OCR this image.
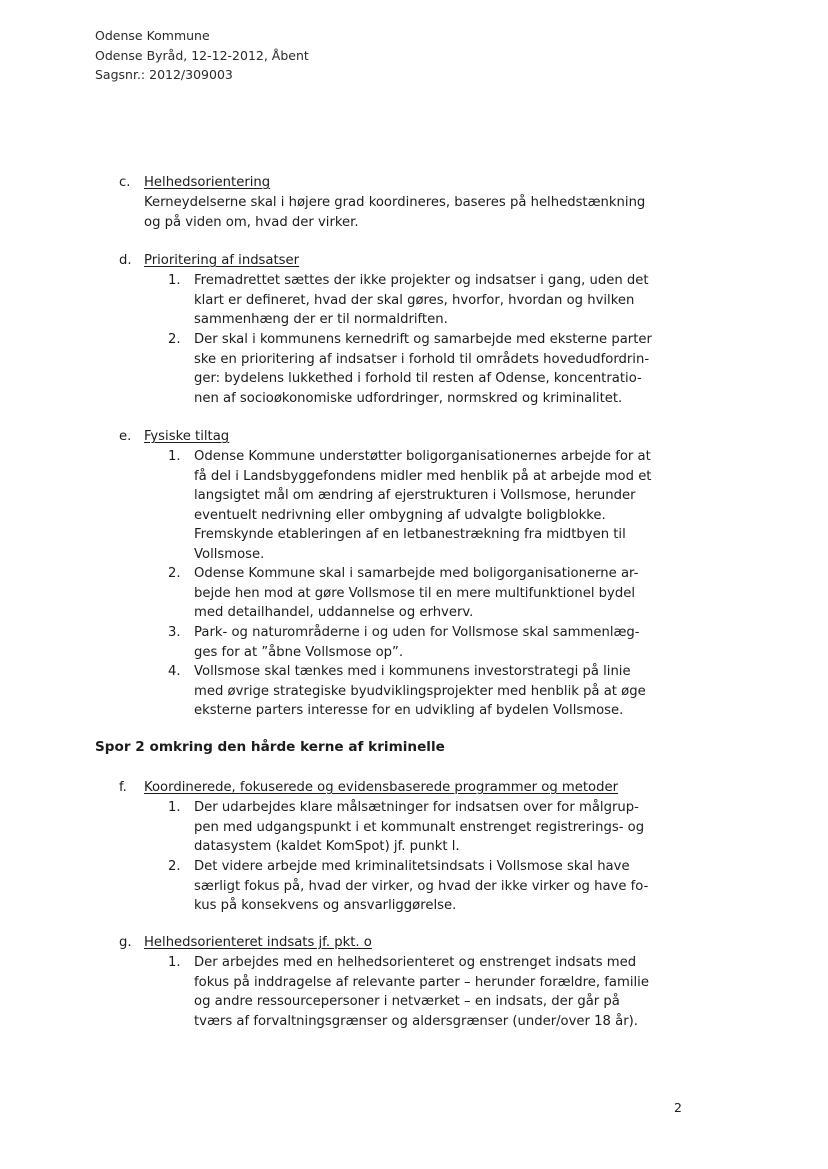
Odense Kommune
Odense Byråd, 12-12-2012, Åbent
Sagsnr.: 2012/309003
c.	Helhedsorientering
Kerneydelserne skal i højere grad koordineres, baseres på helhedstænkning
og på viden om, hvad der virker.
d. Prioritering af indsatser
1.	Fremadrettet sættes der ikke projekter og indsatser i gang, uden det
klart er defineret, hvad der skal gøres, hvorfor, hvordan og hvilken
sammenhæng der er til normaldriften.
2.	Der skal i kommunens kernedrift og samarbejde med eksterne parter
ske en prioritering af indsatser i forhold til områdets hovedudfordrin-
ger: bydelens lukkethed i forhold til resten af Odense, koncentratio-
nen af socioøkonomiske udfordringer, normskred og kriminalitet.
e. Fysiske tiltag
1.	Odense Kommune understøtter boligorganisationernes arbejde for at
få del i Landsbyggefondens midler med henblik på at arbejde mod et
langsigtet mål om ændring af ejerstrukturen i Vollsmose, herunder
eventuelt nedrivning eller ombygning af udvalgte boligblokke.
Fremskynde etableringen af en letbanestrækning fra midtbyen til
Vollsmose.
2.	Odense Kommune skal i samarbejde med boligorganisationerne ar-
bejde hen mod at gøre Vollsmose til en mere multifunktionel bydel
med detailhandel, uddannelse og erhverv.
3.	Park- og naturområderne i og uden for Vollsmose skal sammenlæg-
ges for at ”åbne Vollsmose op”.
4.	Vollsmose skal tænkes med i kommunens investorstrategi på linie
med øvrige strategiske byudviklingsprojekter med henblik på at øge
eksterne parters interesse for en udvikling af bydelen Vollsmose.
Spor 2 omkring den hårde kerne af kriminelle
f.	Koordinerede, fokuserede og evidensbaserede programmer og metoder
1.	Der udarbejdes klare målsætninger for indsatsen over for målgrup-
pen med udgangspunkt i et kommunalt enstrenget registrerings- og
datasystem (kaldet KomSpot) jf. punkt l.
2.	Det videre arbejde med kriminalitetsindsats i Vollsmose skal have
særligt fokus på, hvad der virker, og hvad der ikke virker og have fo-
kus på konsekvens og ansvarliggørelse.
g. Helhedsorienteret indsats jf. pkt. o
1.	Der arbejdes med en helhedsorienteret og enstrenget indsats med
fokus på inddragelse af relevante parter – herunder forældre, familie
og andre ressourcepersoner i netværket – en indsats, der går på
tværs af forvaltningsgrænser og aldersgrænser (under/over 18 år).
2
